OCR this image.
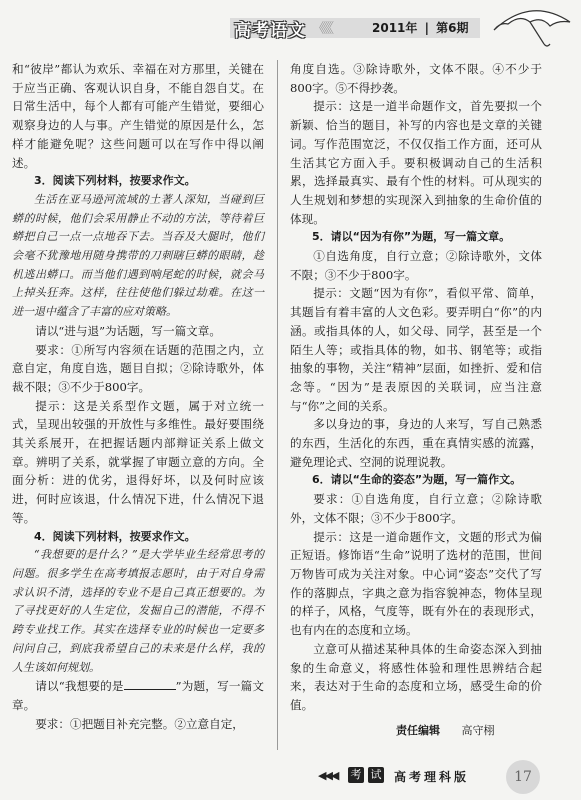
高考语文 《《《	2011年 | 第6期

和“彼岸”都认为欢乐、幸福在对方那里，关键在于应当正确、客观认识自身，不能自怨自艾。在日常生活中，每个人都有可能产生错觉，要细心观察身边的人与事。产生错觉的原因是什么，怎样才能避免呢？这些问题可以在写作中得以阐述。

3．阅读下列材料，按要求作文。

生活在亚马逊河流域的土著人深知，当碰到巨蟒的时候，他们会采用静止不动的方法，等待着巨蟒把自己一点一点地吞下去。当吞及大腿时，他们会毫不犹豫地用随身携带的刀刺瞎巨蟒的眼睛，趁机逃出蟒口。而当他们遇到响尾蛇的时候，就会马上掉头狂奔。这样，往往使他们躲过劫难。在这一进一退中蕴含了丰富的应对策略。

请以“进与退”为话题，写一篇文章。

要求：①所写内容须在话题的范围之内，立意自定，角度自选，题目自拟；②除诗歌外，体裁不限；③不少于800字。

提示：这是关系型作文题，属于对立统一式，呈现出较强的开放性与多维性。最好要围绕其关系展开，在把握话题内部辩证关系上做文章。辨明了关系，就掌握了审题立意的方向。全面分析：进的优劣，退得好坏，以及何时应该进，何时应该退，什么情况下进，什么情况下退等。

4．阅读下列材料，按要求作文。

“我想要的是什么？”是大学毕业生经常思考的问题。很多学生在高考填报志愿时，由于对自身需求认识不清，选择的专业不是自己真正想要的。为了寻找更好的人生定位，发掘自己的潜能，不得不跨专业找工作。其实在选择专业的时候也一定要多问问自己，到底我希望自己的未来是什么样，我的人生该如何规划。

请以“我想要的是	”为题，写一篇文章。

要求：①把题目补充完整。②立意自定，

角度自选。③除诗歌外，文体不限。④不少于800字。⑤不得抄袭。

提示：这是一道半命题作文，首先要拟一个新颖、恰当的题目，补写的内容也是文章的关键词。写作范围宽泛，不仅仅指工作方面，还可从生活其它方面入手。要积极调动自己的生活积累，选择最真实、最有个性的材料。可从现实的人生规划和梦想的实现深入到抽象的生命价值的体现。

5．请以“因为有你”为题，写一篇文章。

①自选角度，自行立意；②除诗歌外，文体不限；③不少于800字。

提示：文题“因为有你”，看似平常、简单，其题旨有着丰富的人文色彩。要弄明白“你”的内涵。或指具体的人，如父母、同学，甚至是一个陌生人等；或指具体的物，如书、钢笔等；或指抽象的事物，关注“精神”层面，如挫折、爱和信念等。“因为”是表原因的关联词，应当注意与“你”之间的关系。

多以身边的事，身边的人来写，写自己熟悉的东西，生活化的东西，重在真情实感的流露，避免理论式、空洞的说理说教。

6．请以“生命的姿态”为题，写一篇作文。

要求：①自选角度，自行立意；②除诗歌外，文体不限；③不少于800字。

提示：这是一道命题作文，文题的形式为偏正短语。修饰语“生命”说明了选材的范围，世间万物皆可成为关注对象。中心词“姿态”交代了写作的落脚点，字典之意为指容貌神态，物体呈现的样子，风格，气度等，既有外在的表现形式，也有内在的态度和立场。

立意可从描述某种具体的生命姿态深入到抽象的生命意义，将感性体验和理性思辨结合起来，表达对于生命的态度和立场，感受生命的价值。

责任编辑 高守栩
◀◀◀ 考 试 高考理科版	17
